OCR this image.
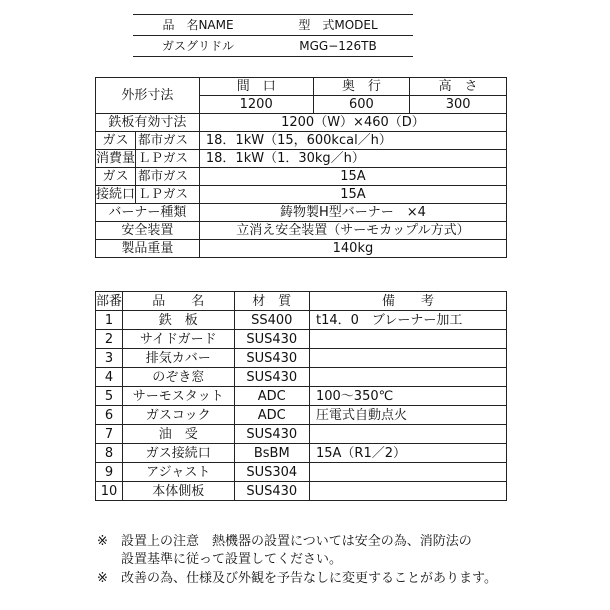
品　名NAME	型　式MODEL
ガスグリドル	MGG−126TB
外形寸法		間　口	奥　行	高　さ
		1200	600	300
鉄板有効寸法		1200（W）×460（D）		
ガス	都市ガス	18．1kW（15，600kcal／h）		
消費量	ＬＰガス	18．1kW（1．30kg／h）		
ガス	都市ガス	15A		
接続口	ＬＰガス	15A		
バーナー種類		鋳物製H型バーナー　×4		
安全装置		立消え安全装置（サーモカップル方式）		
製品重量		140kg		
部番	品　　名	材　質	備　　考
1	鉄　板	SS400	t14．0　ブレーナー加工
2	サイドガード	SUS430	
3	排気カバー	SUS430	
4	のぞき窓	SUS430	
5	サーモスタット	ADC	100〜350℃
6	ガスコック	ADC	圧電式自動点火
7	油　受	SUS430	
8	ガス接続口	BsBM	15A（R1／2）
9	アジャスト	SUS304	
10	本体側板	SUS430	
※ 設置上の注意　熱機器の設置については安全の為、消防法の
設置基準に従って設置してください。
※ 改善の為、仕様及び外観を予告なしに変更することがあります。
